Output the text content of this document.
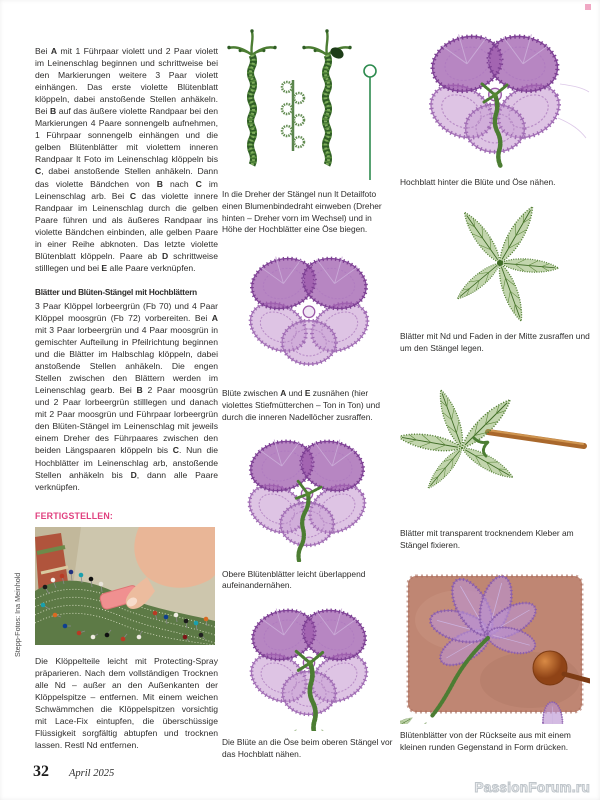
Bei A mit 1 Führpaar violett und 2 Paar violett im Leinenschlag beginnen und schrittweise bei den Markierungen weitere 3 Paar violett einhängen. Das erste violette Blütenblatt klöppeln, dabei anstoßende Stellen anhäkeln. Bei B auf das äußere violette Randpaar bei den Markierungen 4 Paare sonnengelb aufnehmen, 1 Führpaar sonnengelb einhängen und die gelben Blütenblätter mit violettem inneren Randpaar lt Foto im Leinenschlag klöppeln bis C, dabei anstoßende Stellen anhäkeln. Dann das violette Bändchen von B nach C im Leinenschlag arb. Bei C das violette innere Randpaar im Leinenschlag durch die gelben Paare führen und als äußeres Randpaar ins violette Bändchen einbinden, alle gelben Paare in einer Reihe abknoten. Das letzte violette Blütenblatt klöppeln. Paare ab D schrittweise stilllegen und bei E alle Paare verknüpfen.

Blätter und Blüten-Stängel mit Hochblättern

3 Paar Klöppel lorbeergrün (Fb 70) und 4 Paar Klöppel moosgrün (Fb 72) vorbereiten. Bei A mit 3 Paar lorbeergrün und 4 Paar moosgrün in gemischter Aufteilung in Pfeilrichtung beginnen und die Blätter im Halbschlag klöppeln, dabei anstoßende Stellen anhäkeln. Die engen Stellen zwischen den Blättern werden im Leinenschlag gearb. Bei B 2 Paar moosgrün und 2 Paar lorbeergrün stilllegen und danach mit 2 Paar moosgrün und Führpaar lorbeergrün den Blüten-Stängel im Leinenschlag mit jeweils einem Dreher des Führpaares zwischen den beiden Längspaaren klöppeln bis C. Nun die Hochblätter im Leinenschlag arb, anstoßende Stellen anhäkeln bis D, dann alle Paare verknüpfen.

FERTIGSTELLEN:

Die Klöppelteile leicht mit Protecting-Spray präparieren. Nach dem vollständigen Trocknen alle Nd – außer an den Außenkanten der Klöppelspitze – entfernen. Mit einem weichen Schwämmchen die Klöppelspitzen vorsichtig mit Lace-Fix eintupfen, die überschüssige Flüssigkeit sorgfältig abtupfen und trocknen lassen. Restl Nd entfernen.

In die Dreher der Stängel nun lt Detailfoto einen Blumenbindedraht einweben (Dreher hinten – Dreher vorn im Wechsel) und in Höhe der Hochblätter eine Öse biegen.

Blüte zwischen A und E zusnähen (hier violettes Stiefmütterchen – Ton in Ton) und durch die inneren Nadellöcher zusraffen.

Obere Blütenblätter leicht überlappend aufeinandernähen.

Die Blüte an die Öse beim oberen Stängel vor das Hochblatt nähen.

Hochblatt hinter die Blüte und Öse nähen.

Blätter mit Nd und Faden in der Mitte zusraffen und um den Stängel legen.

Blätter mit transparent trocknendem Kleber am Stängel fixieren.

Blütenblätter von der Rückseite aus mit einem kleinen runden Gegenstand in Form drücken.

Stepp-Fotos: Ina Meinhold
32 April 2025
PassionForum.ru
